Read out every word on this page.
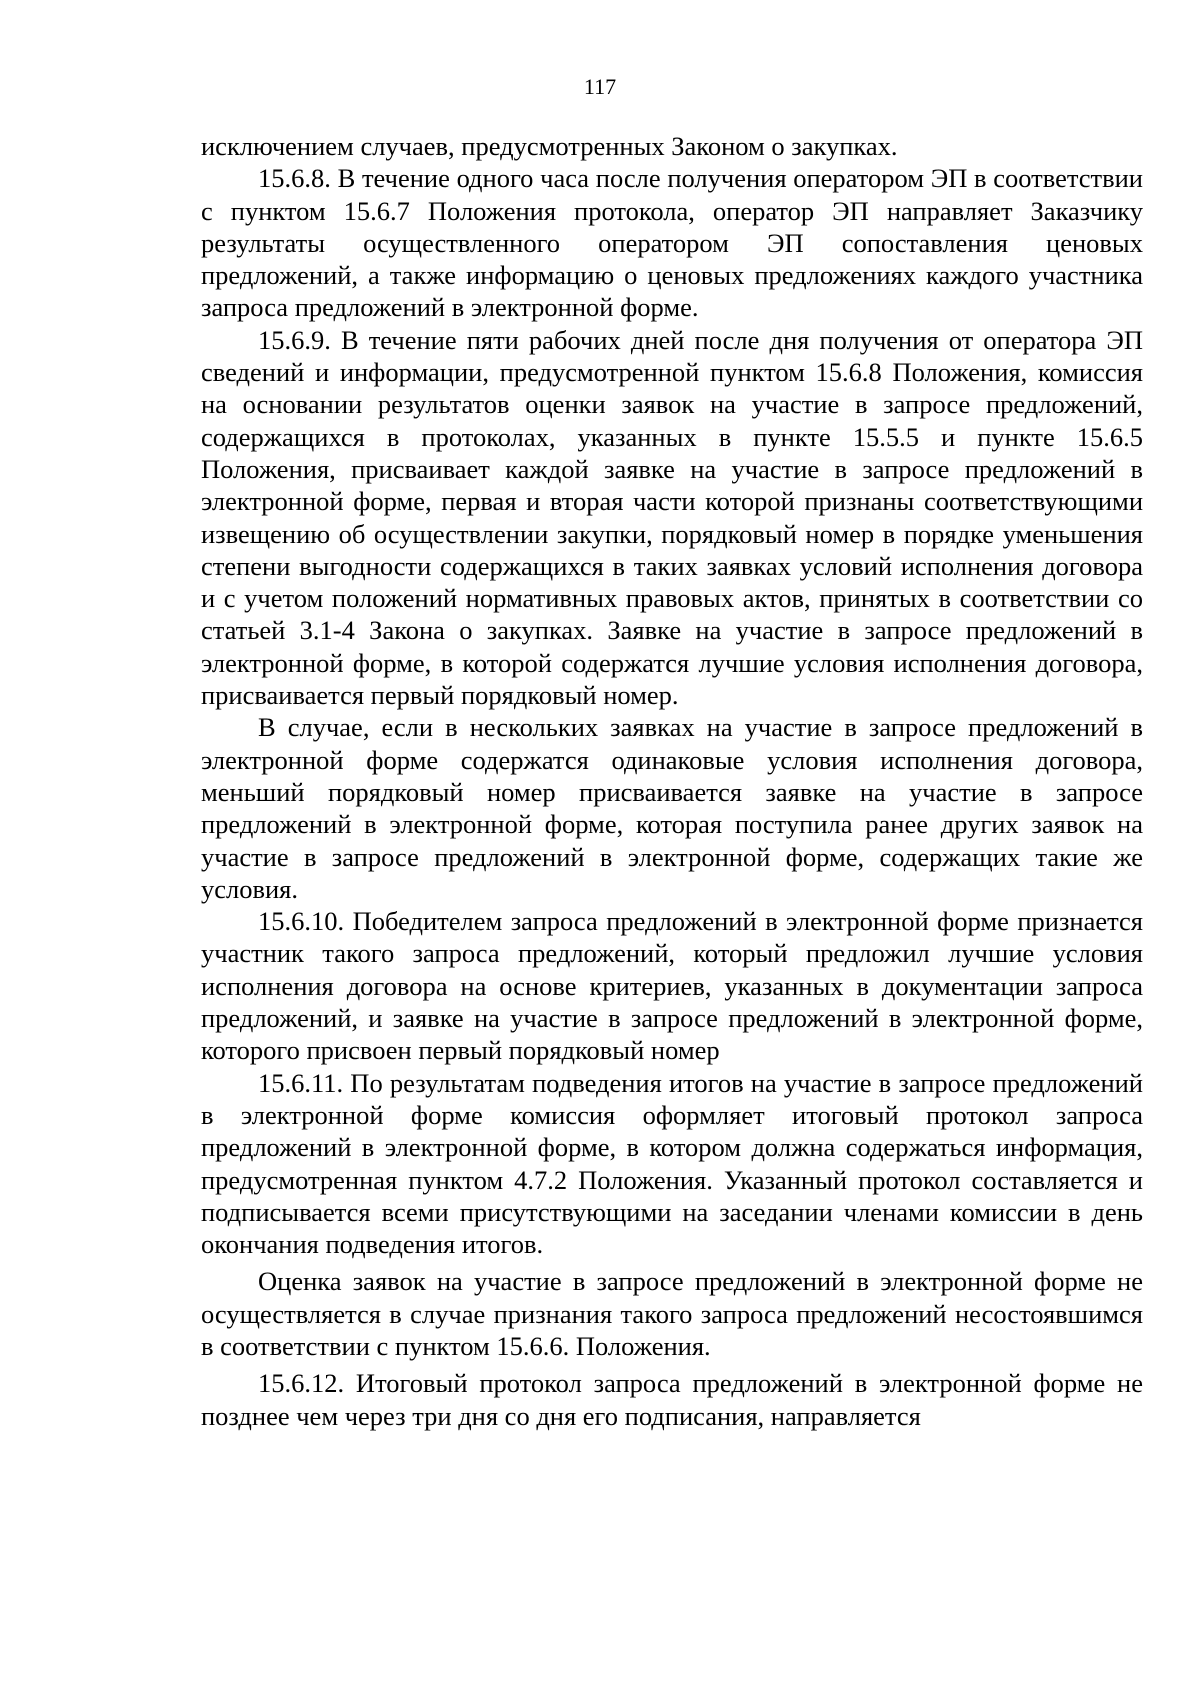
117

исключением случаев, предусмотренных Законом о закупках.

15.6.8. В течение одного часа после получения оператором ЭП в соответствии с пунктом 15.6.7 Положения протокола, оператор ЭП направляет Заказчику результаты осуществленного оператором ЭП сопоставления ценовых предложений, а также информацию о ценовых предложениях каждого участника запроса предложений в электронной форме.

15.6.9. В течение пяти рабочих дней после дня получения от оператора ЭП сведений и информации, предусмотренной пунктом 15.6.8 Положения, комиссия на основании результатов оценки заявок на участие в запросе предложений, содержащихся в протоколах, указанных в пункте 15.5.5 и пункте 15.6.5 Положения, присваивает каждой заявке на участие в запросе предложений в электронной форме, первая и вторая части которой признаны соответствующими извещению об осуществлении закупки, порядковый номер в порядке уменьшения степени выгодности содержащихся в таких заявках условий исполнения договора и с учетом положений нормативных правовых актов, принятых в соответствии со статьей 3.1-4 Закона о закупках. Заявке на участие в запросе предложений в электронной форме, в которой содержатся лучшие условия исполнения договора, присваивается первый порядковый номер.

В случае, если в нескольких заявках на участие в запросе предложений в электронной форме содержатся одинаковые условия исполнения договора, меньший порядковый номер присваивается заявке на участие в запросе предложений в электронной форме, которая поступила ранее других заявок на участие в запросе предложений в электронной форме, содержащих такие же условия.

15.6.10. Победителем запроса предложений в электронной форме признается участник такого запроса предложений, который предложил лучшие условия исполнения договора на основе критериев, указанных в документации запроса предложений, и заявке на участие в запросе предложений в электронной форме, которого присвоен первый порядковый номер

15.6.11. По результатам подведения итогов на участие в запросе предложений в электронной форме комиссия оформляет итоговый протокол запроса предложений в электронной форме, в котором должна содержаться информация, предусмотренная пунктом 4.7.2 Положения. Указанный протокол составляется и подписывается всеми присутствующими на заседании членами комиссии в день окончания подведения итогов.

Оценка заявок на участие в запросе предложений в электронной форме не осуществляется в случае признания такого запроса предложений несостоявшимся в соответствии с пунктом 15.6.6. Положения.

15.6.12. Итоговый протокол запроса предложений в электронной форме не позднее чем через три дня со дня его подписания, направляется
